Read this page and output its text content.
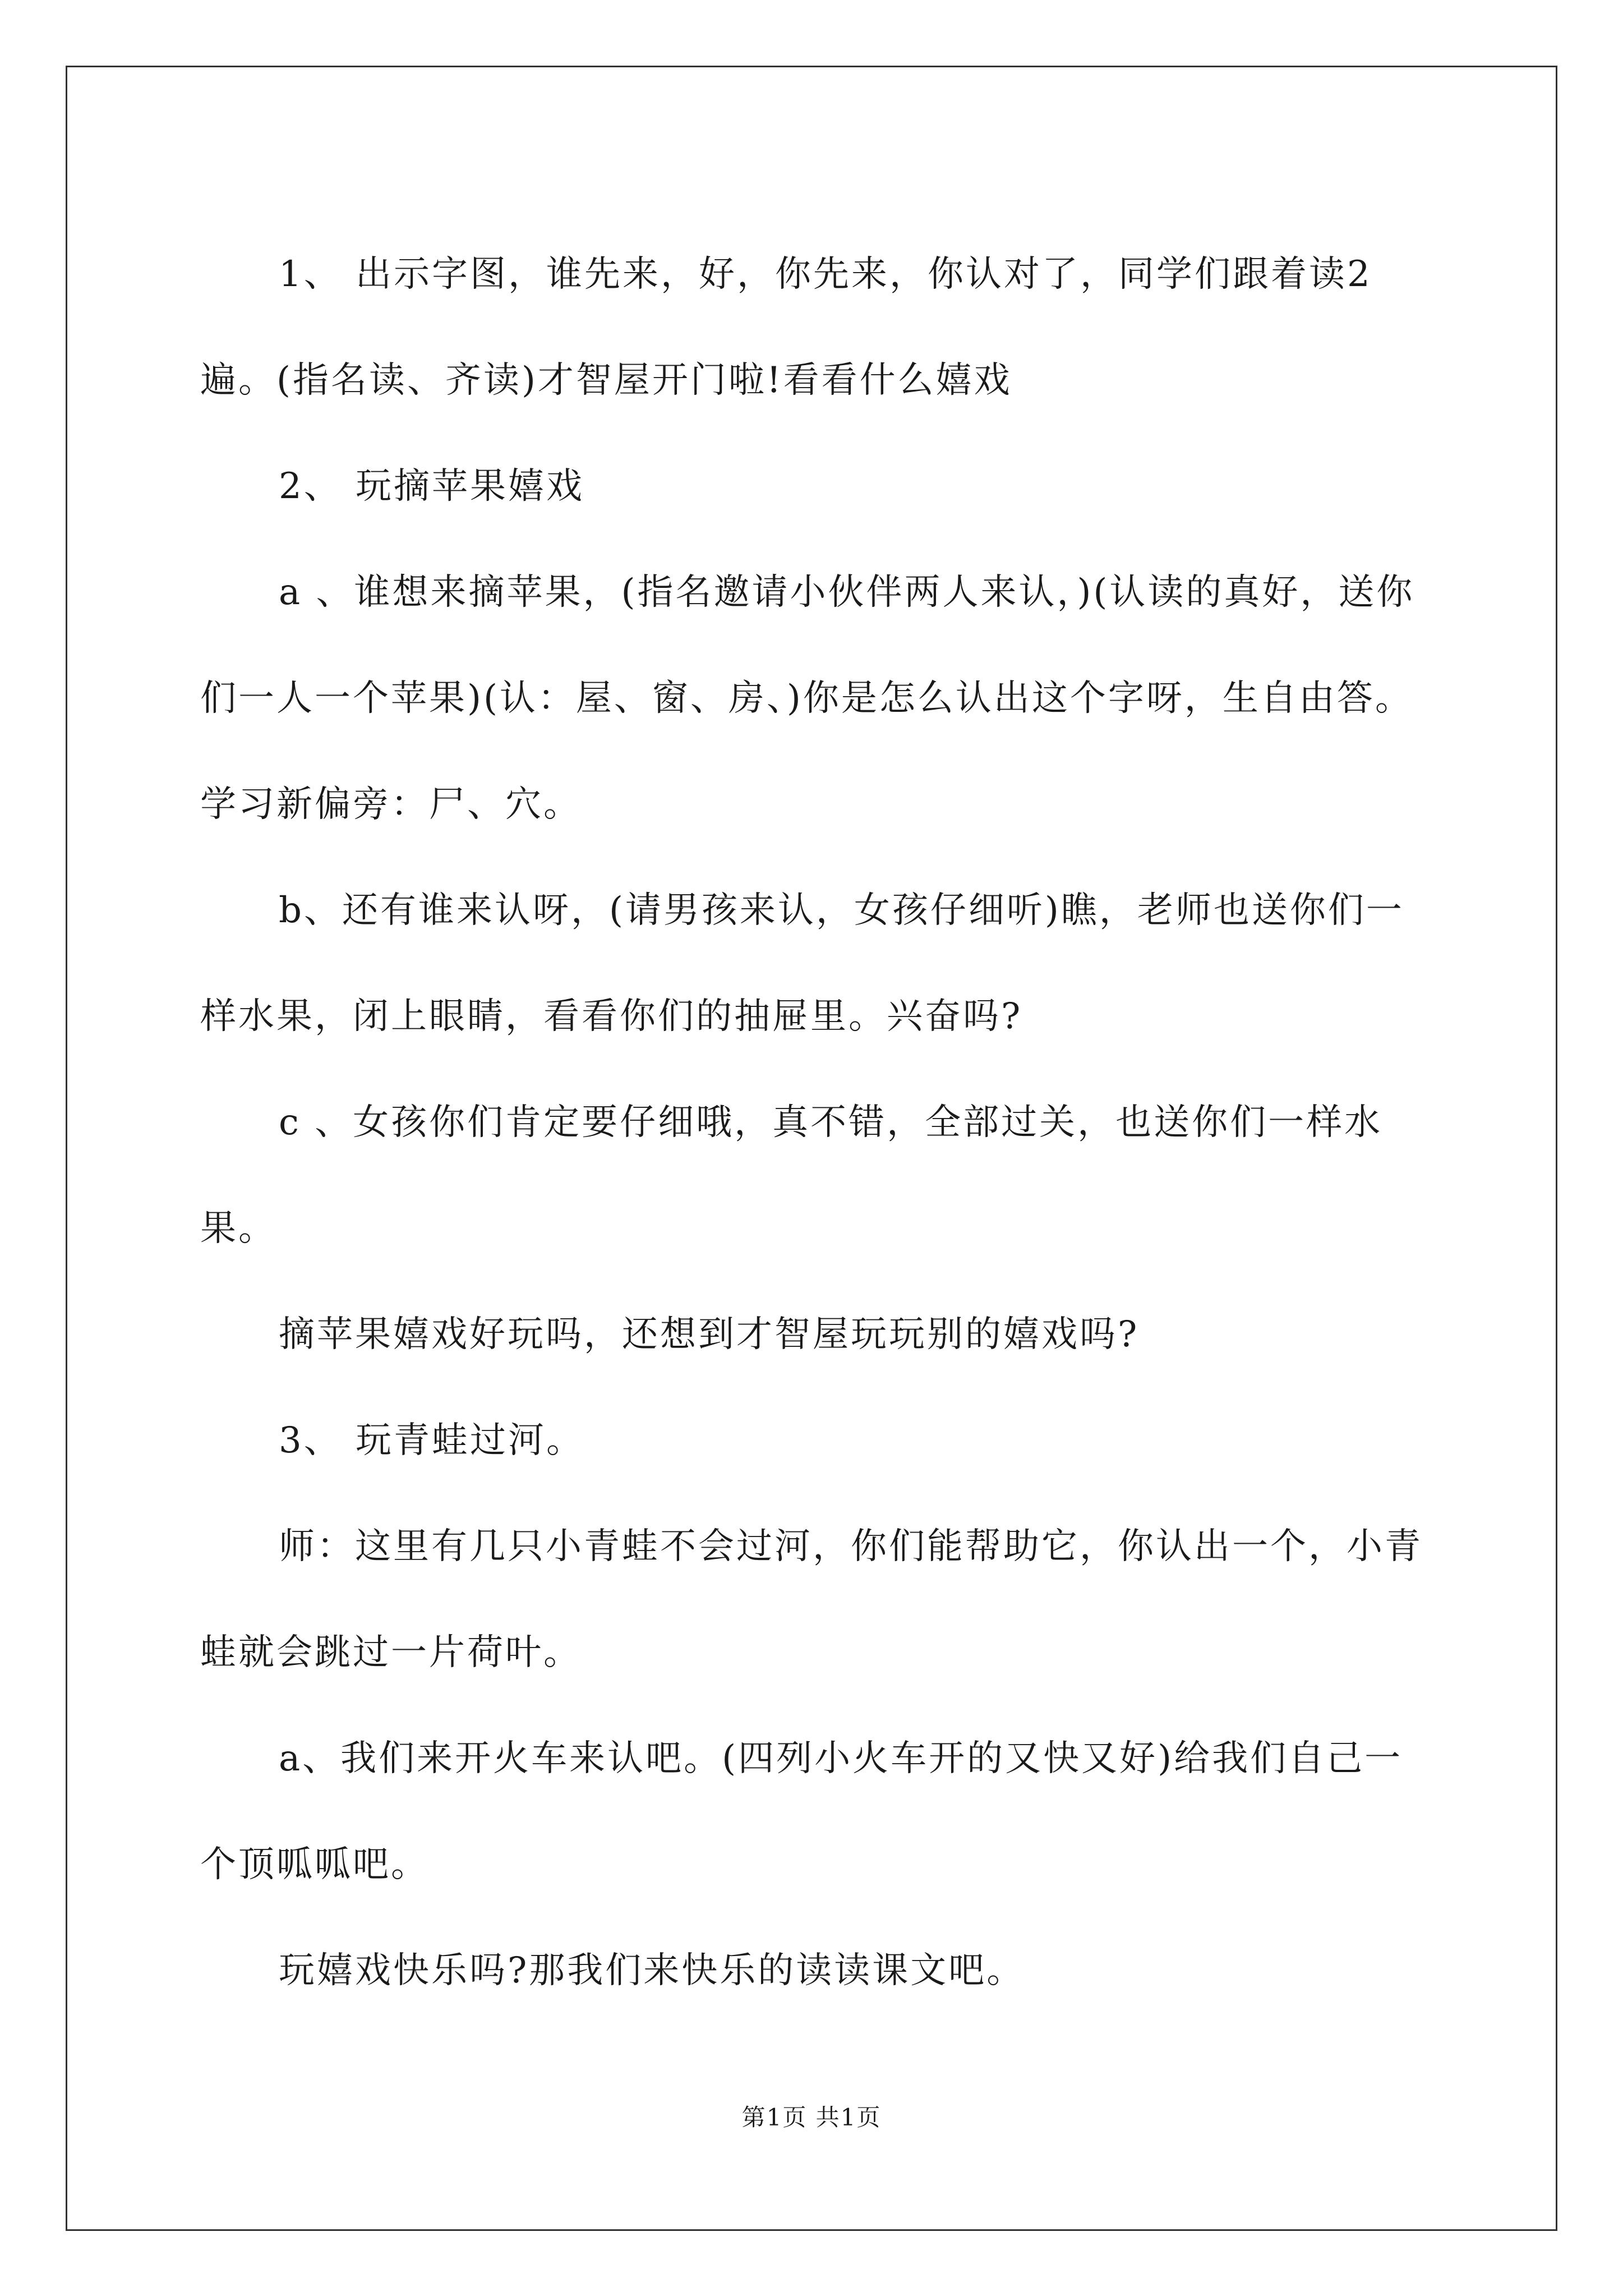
1、 出示字图，谁先来，好，你先来，你认对了，同学们跟着读2遍。(指名读、齐读)才智屋开门啦!看看什么嬉戏

2、 玩摘苹果嬉戏

a 、谁想来摘苹果，(指名邀请小伙伴两人来认，)(认读的真好，送你们一人一个苹果)(认：屋、窗、房、)你是怎么认出这个字呀，生自由答。学习新偏旁：尸、穴。

b、还有谁来认呀，(请男孩来认，女孩仔细听)瞧，老师也送你们一样水果，闭上眼睛，看看你们的抽屉里。兴奋吗?

c 、女孩你们肯定要仔细哦，真不错，全部过关，也送你们一样水果。

摘苹果嬉戏好玩吗，还想到才智屋玩玩别的嬉戏吗?

3、 玩青蛙过河。

师：这里有几只小青蛙不会过河，你们能帮助它，你认出一个，小青蛙就会跳过一片荷叶。

a、我们来开火车来认吧。(四列小火车开的又快又好)给我们自己一个顶呱呱吧。

玩嬉戏快乐吗?那我们来快乐的读读课文吧。

第1页 共1页
